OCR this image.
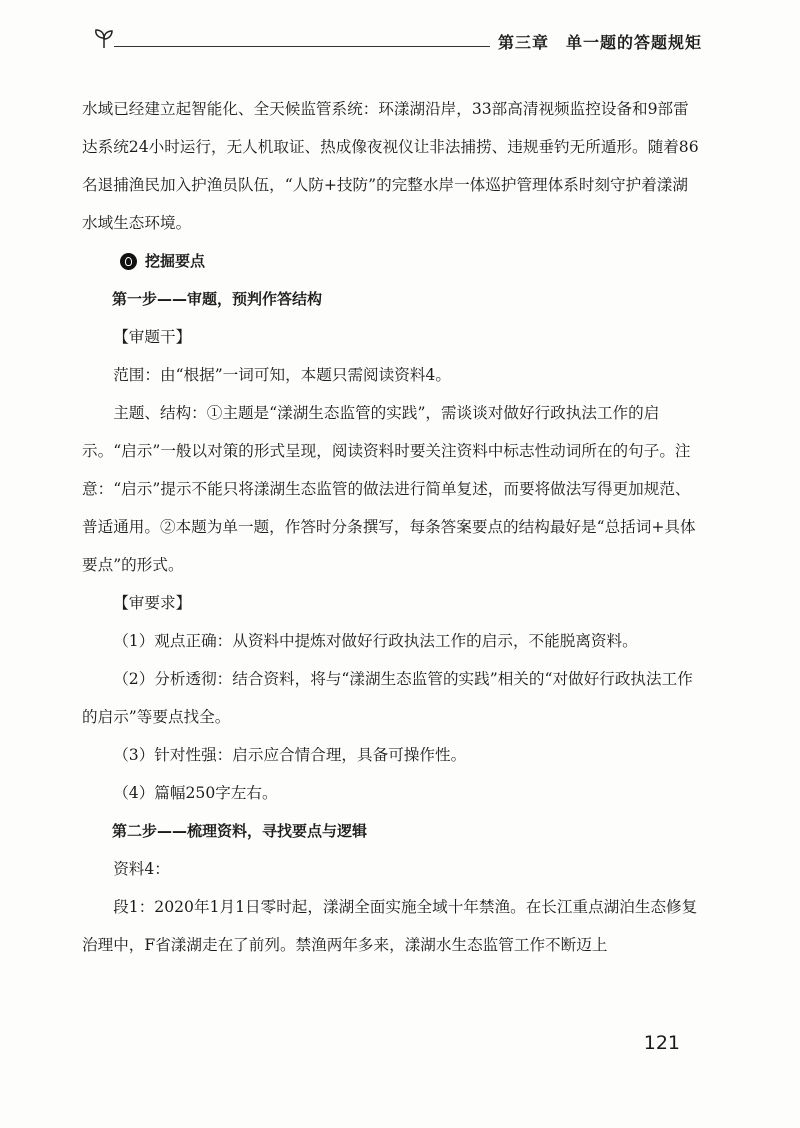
第三章　单一题的答题规矩

水域已经建立起智能化、全天候监管系统：环漾湖沿岸，33部高清视频监控设备和9部雷达系统24小时运行，无人机取证、热成像夜视仪让非法捕捞、违规垂钓无所遁形。随着86名退捕渔民加入护渔员队伍，“人防+技防”的完整水岸一体巡护管理体系时刻守护着漾湖水域生态环境。

挖掘要点

第一步——审题，预判作答结构

【审题干】

范围：由“根据”一词可知，本题只需阅读资料4。

主题、结构：①主题是“漾湖生态监管的实践”，需谈谈对做好行政执法工作的启示。“启示”一般以对策的形式呈现，阅读资料时要关注资料中标志性动词所在的句子。注意：“启示”提示不能只将漾湖生态监管的做法进行简单复述，而要将做法写得更加规范、普适通用。②本题为单一题，作答时分条撰写，每条答案要点的结构最好是“总括词+具体要点”的形式。

【审要求】

（1）观点正确：从资料中提炼对做好行政执法工作的启示，不能脱离资料。

（2）分析透彻：结合资料，将与“漾湖生态监管的实践”相关的“对做好行政执法工作的启示”等要点找全。

（3）针对性强：启示应合情合理，具备可操作性。

（4）篇幅250字左右。

第二步——梳理资料，寻找要点与逻辑

资料4：

段1：2020年1月1日零时起，漾湖全面实施全域十年禁渔。在长江重点湖泊生态修复治理中，F省漾湖走在了前列。禁渔两年多来，漾湖水生态监管工作不断迈上

121
